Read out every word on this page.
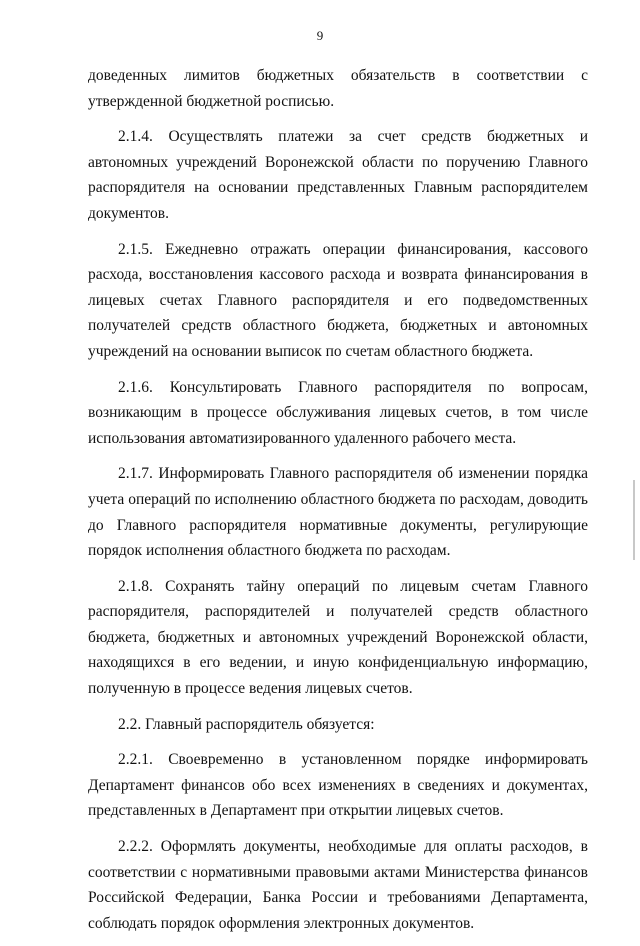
9

доведенных лимитов бюджетных обязательств в соответствии с утвержденной бюджетной росписью.

2.1.4. Осуществлять платежи за счет средств бюджетных и автономных учреждений Воронежской области по поручению Главного распорядителя на основании представленных Главным распорядителем документов.

2.1.5. Ежедневно отражать операции финансирования, кассового расхода, восстановления кассового расхода и возврата финансирования в лицевых счетах Главного распорядителя и его подведомственных получателей средств областного бюджета, бюджетных и автономных учреждений на основании выписок по счетам областного бюджета.

2.1.6. Консультировать Главного распорядителя по вопросам, возникающим в процессе обслуживания лицевых счетов, в том числе использования автоматизированного удаленного рабочего места.

2.1.7. Информировать Главного распорядителя об изменении порядка учета операций по исполнению областного бюджета по расходам, доводить до Главного распорядителя нормативные документы, регулирующие порядок исполнения областного бюджета по расходам.

2.1.8. Сохранять тайну операций по лицевым счетам Главного распорядителя, распорядителей и получателей средств областного бюджета, бюджетных и автономных учреждений Воронежской области, находящихся в его ведении, и иную конфиденциальную информацию, полученную в процессе ведения лицевых счетов.

2.2. Главный распорядитель обязуется:

2.2.1. Своевременно в установленном порядке информировать Департамент финансов обо всех изменениях в сведениях и документах, представленных в Департамент при открытии лицевых счетов.

2.2.2. Оформлять документы, необходимые для оплаты расходов, в соответствии с нормативными правовыми актами Министерства финансов Российской Федерации, Банка России и требованиями Департамента, соблюдать порядок оформления электронных документов.
